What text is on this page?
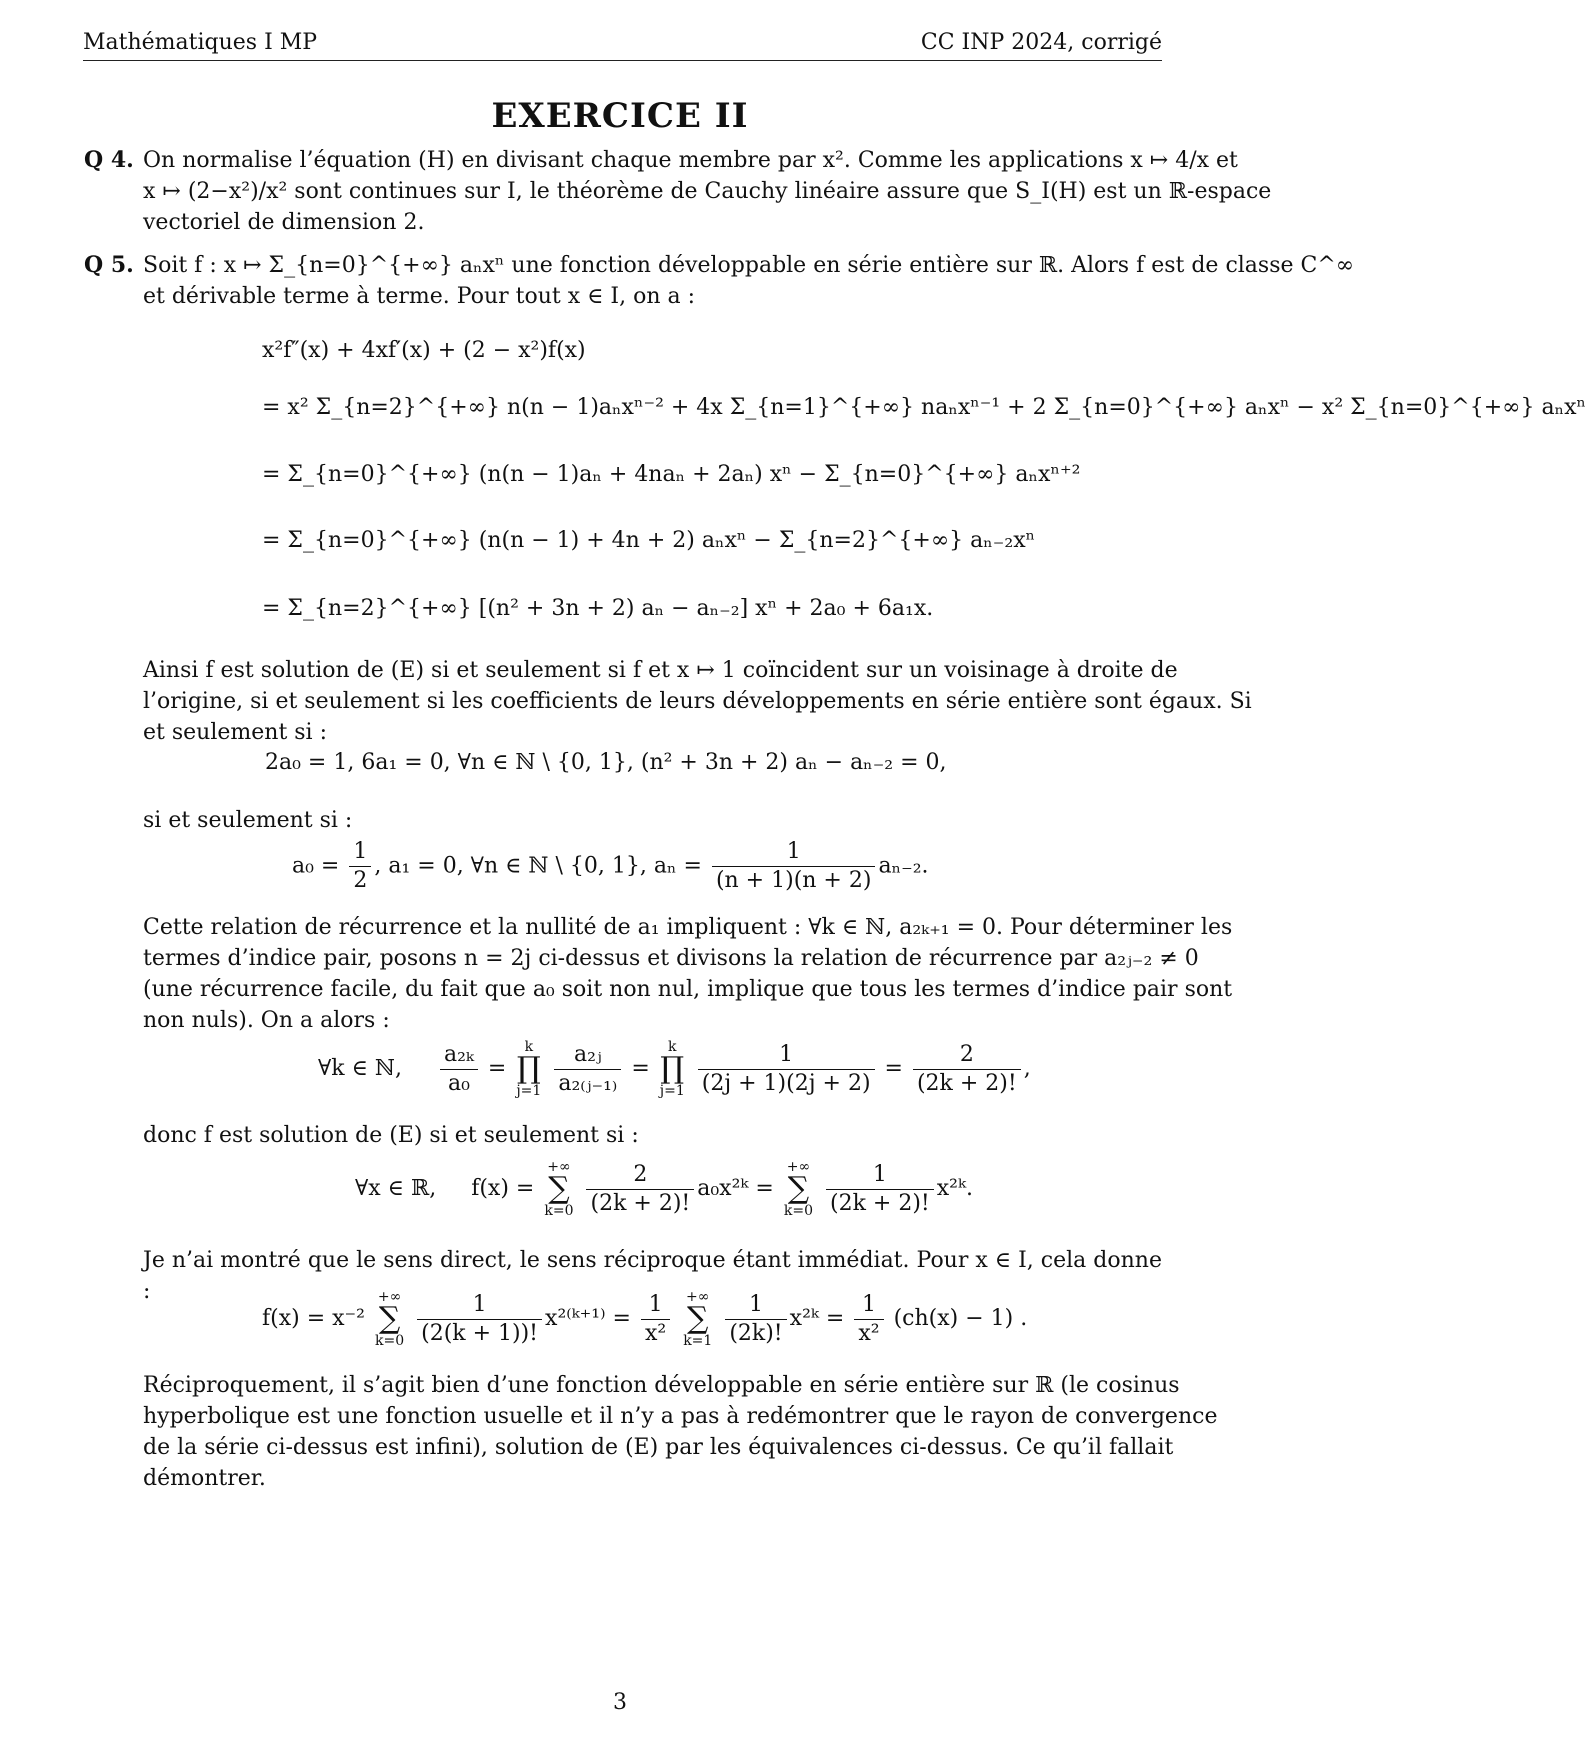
Mathématiques I MP	CC INP 2024, corrigé
EXERCICE II
Q 4. On normalise l’équation (H) en divisant chaque membre par x². Comme les applications x ↦ 4/x et
x ↦ (2−x²)/x² sont continues sur I, le théorème de Cauchy linéaire assure que S_I(H) est un ℝ-espace
vectoriel de dimension 2.
Q 5. Soit f : x ↦ Σ_{n=0}^{+∞} aₙxⁿ une fonction développable en série entière sur ℝ. Alors f est de classe C^∞
et dérivable terme à terme. Pour tout x ∈ I, on a :
x²f″(x) + 4xf′(x) + (2 − x²)f(x)
= x² Σ_{n=2}^{+∞} n(n − 1)aₙxⁿ⁻² + 4x Σ_{n=1}^{+∞} naₙxⁿ⁻¹ + 2 Σ_{n=0}^{+∞} aₙxⁿ − x² Σ_{n=0}^{+∞} aₙxⁿ
= Σ_{n=0}^{+∞} (n(n − 1)aₙ + 4naₙ + 2aₙ) xⁿ − Σ_{n=0}^{+∞} aₙxⁿ⁺²
= Σ_{n=0}^{+∞} (n(n − 1) + 4n + 2) aₙxⁿ − Σ_{n=2}^{+∞} aₙ₋₂xⁿ
= Σ_{n=2}^{+∞} [(n² + 3n + 2) aₙ − aₙ₋₂] xⁿ + 2a₀ + 6a₁x.
Ainsi f est solution de (E) si et seulement si f et x ↦ 1 coïncident sur un voisinage à droite de
l’origine, si et seulement si les coefficients de leurs développements en série entière sont égaux. Si
et seulement si :
2a₀ = 1, 6a₁ = 0, ∀n ∈ ℕ \ {0, 1}, (n² + 3n + 2) aₙ − aₙ₋₂ = 0,
si et seulement si :
$a_0 = \frac{1}{2}$ , a₁ = 0, ∀n ∈ ℕ \ {0, 1}, $a_n = \frac{1}{(n + 1)(n + 2)} a_{n-2}$.
Cette relation de récurrence et la nullité de a₁ impliquent : ∀k ∈ ℕ, a₂ₖ₊₁ = 0. Pour déterminer les
termes d’indice pair, posons n = 2j ci-dessus et divisons la relation de récurrence par a₂ⱼ₋₂ ≠ 0
(une récurrence facile, du fait que a₀ soit non nul, implique que tous les termes d’indice pair sont
non nuls). On a alors :
∀k ∈ ℕ, $\frac{\text{a₂ₖ}}{\text{a₀}}$ =
k
∏
j=1
$\frac{\text{a₂ⱼ}}{\text{a₂₍ⱼ₋₁₎}}$ =
k
∏
j=1
$\frac{1}{(2j + 1)(2j + 2)} = \frac{2}{(2k + 2)!}$ ,
donc f est solution de (E) si et seulement si :
∀x ∈ ℝ, f(x) =
+∞
∑
k=0
$\frac{2}{(2k + 2)!}$ a₀x²ᵏ =
+∞
∑
k=0
$\frac{1}{(2k + 2)!}$ x²ᵏ.
Je n’ai montré que le sens direct, le sens réciproque étant immédiat. Pour x ∈ I, cela donne :
f(x) = x⁻²
+∞
∑
k=0
$\frac{1}{(2(k + 1))!}$ x²⁽ᵏ⁺¹⁾ = $\frac{1}{\text{x²}}$
+∞
∑
k=1
$\frac{1}{(2k)!}$ x²ᵏ = $\frac{1}{\text{x²}} (ch(x) - 1)$ .
Réciproquement, il s’agit bien d’une fonction développable en série entière sur ℝ (le cosinus
hyperbolique est une fonction usuelle et il n’y a pas à redémontrer que le rayon de convergence
de la série ci-dessus est infini), solution de (E) par les équivalences ci-dessus. Ce qu’il fallait
démontrer.
3
